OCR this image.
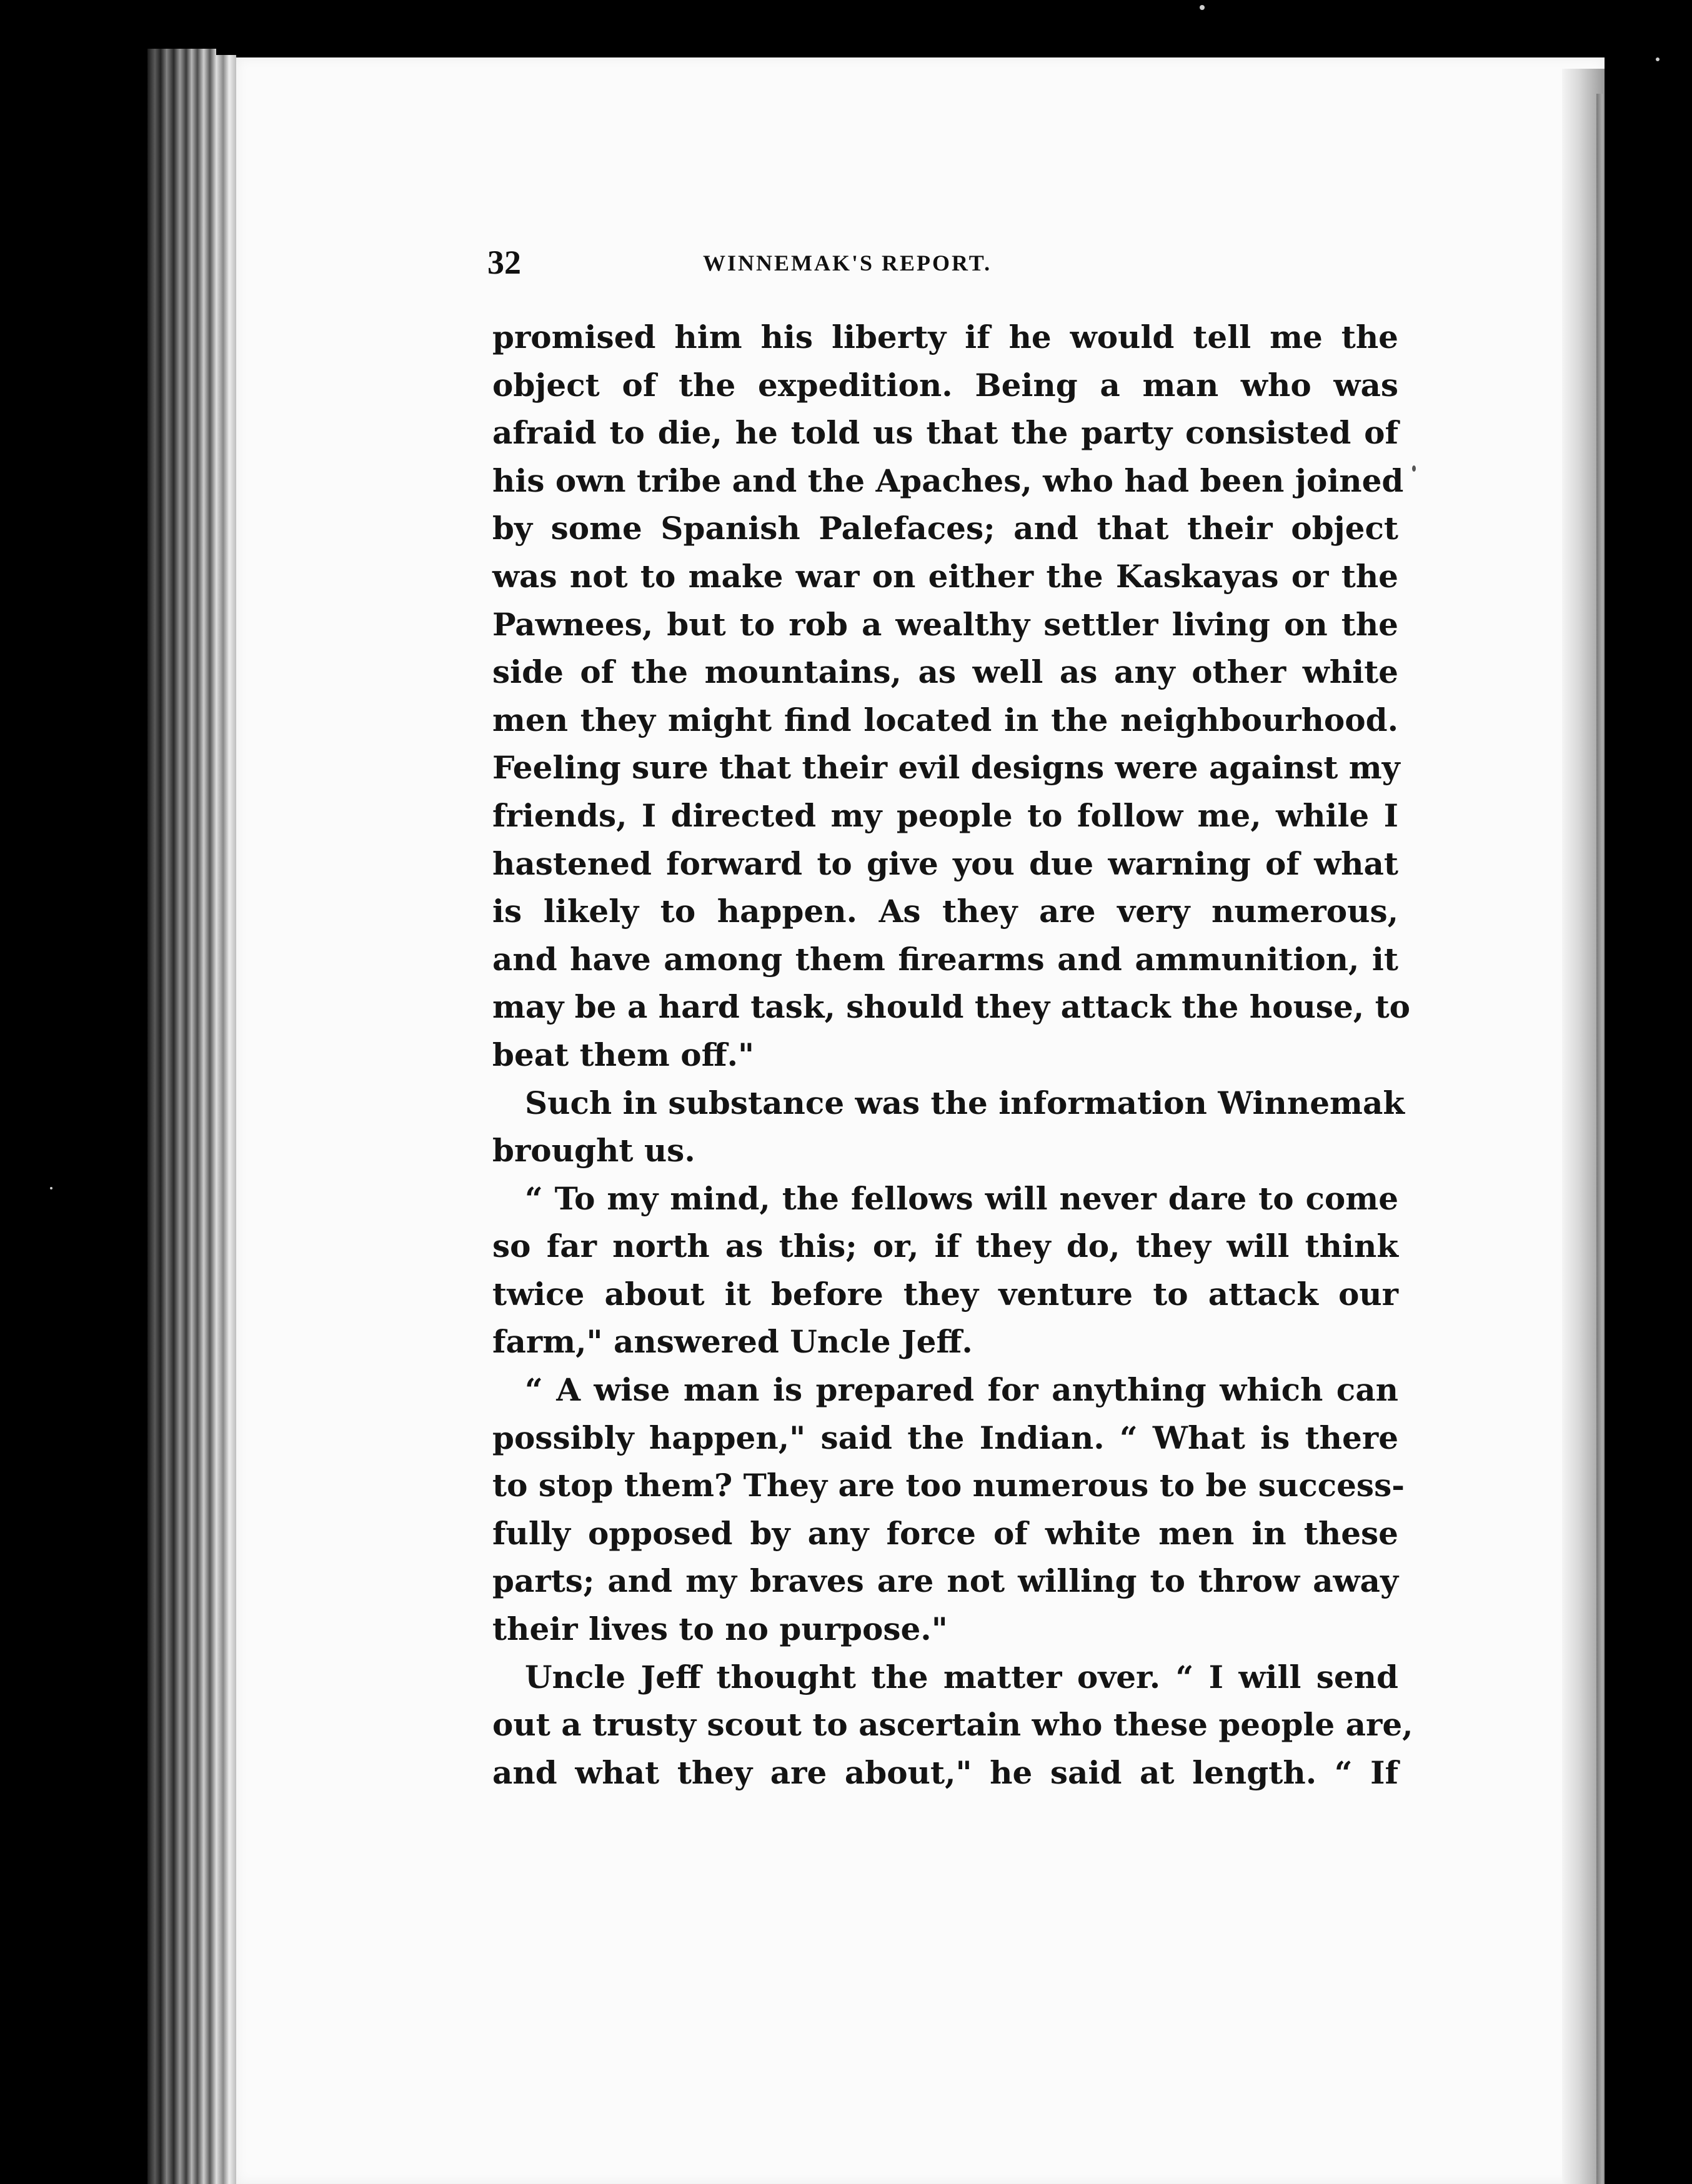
32	WINNEMAK'S REPORT.
promised him his liberty if he would tell me the
object of the expedition. Being a man who was
afraid to die, he told us that the party consisted of
his own tribe and the Apaches, who had been joined
by some Spanish Palefaces; and that their object
was not to make war on either the Kaskayas or the
Pawnees, but to rob a wealthy settler living on the
side of the mountains, as well as any other white
men they might find located in the neighbourhood.
Feeling sure that their evil designs were against my
friends, I directed my people to follow me, while I
hastened forward to give you due warning of what
is likely to happen. As they are very numerous,
and have among them firearms and ammunition, it
may be a hard task, should they attack the house, to
beat them off."
Such in substance was the information Winnemak
brought us.
“ To my mind, the fellows will never dare to come
so far north as this; or, if they do, they will think
twice about it before they venture to attack our
farm," answered Uncle Jeff.
“ A wise man is prepared for anything which can
possibly happen," said the Indian. “ What is there
to stop them? They are too numerous to be success-
fully opposed by any force of white men in these
parts; and my braves are not willing to throw away
their lives to no purpose."
Uncle Jeff thought the matter over. “ I will send
out a trusty scout to ascertain who these people are,
and what they are about," he said at length. “ If
